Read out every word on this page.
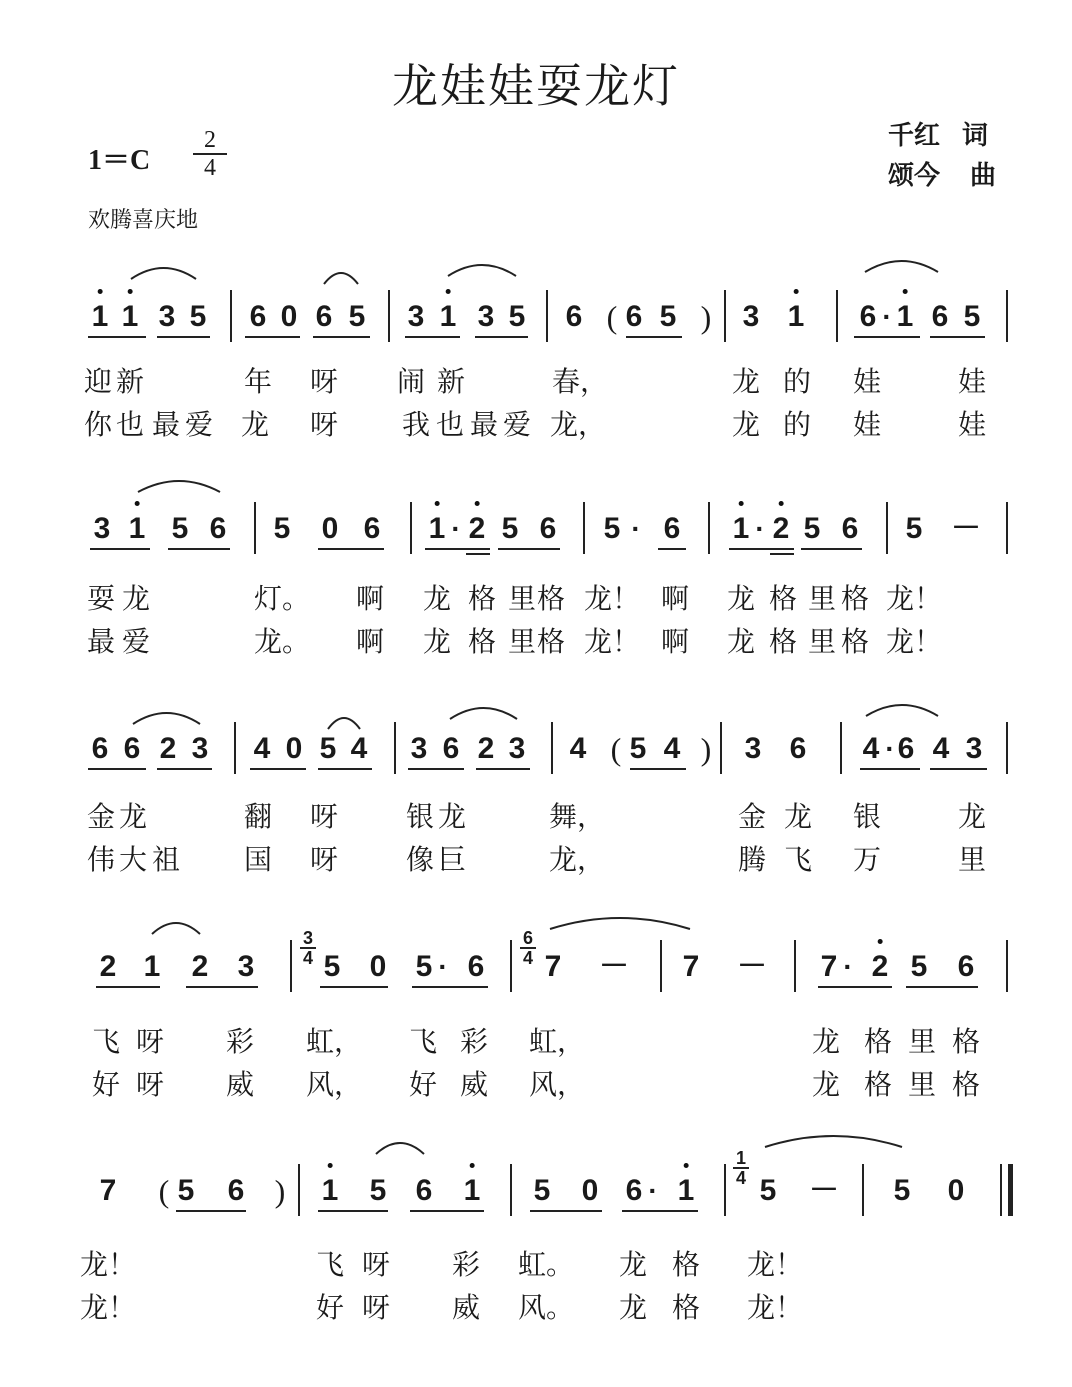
龙娃娃耍龙灯
1＝C
2
4
欢腾喜庆地
千红 词
颂今 曲
1 1 3 5 6 0 6 5 3 1 3 5 6 ( 6 5 ) 3 1 6 · 1 6 5
迎 新	年 呀 闹 新	春，	龙 的 娃	娃
你 也 最 爱 龙 呀 我 也 最 爱 龙，	龙 的 娃	娃
3 1 5 6 5 0 6 1 · 2 5 6 5 · 6 1 · 2 5 6 5 －
耍 龙	灯。 啊 龙 格 里 格 龙！ 啊 龙 格 里 格 龙！
最 爱	龙。 啊 龙 格 里 格 龙！ 啊 龙 格 里 格 龙！
6 6 2 3 4 0 5 4 3 6 2 3 4 ( 5 4 ) 3 6 4 · 6 4 3
金 龙	翻 呀 银 龙	舞，	金 龙 银	龙
伟 大 祖 国 呀 像 巨	龙，	腾 飞 万	里
2 1 2 3 5 0 5 · 6 7 － 7 － 7 · 2 5 6
3
4
6
4
飞 呀 彩 虹， 飞 彩 虹，	龙 格 里 格
好 呀 威 风， 好 威 风，	龙 格 里 格
7 ( 5 6 ) 1 5 6 1 5 0 6 · 1 5 － 5 0
1
4
龙！	飞 呀 彩 虹。 龙 格 龙！
龙！	好 呀 威 风。 龙 格 龙！
